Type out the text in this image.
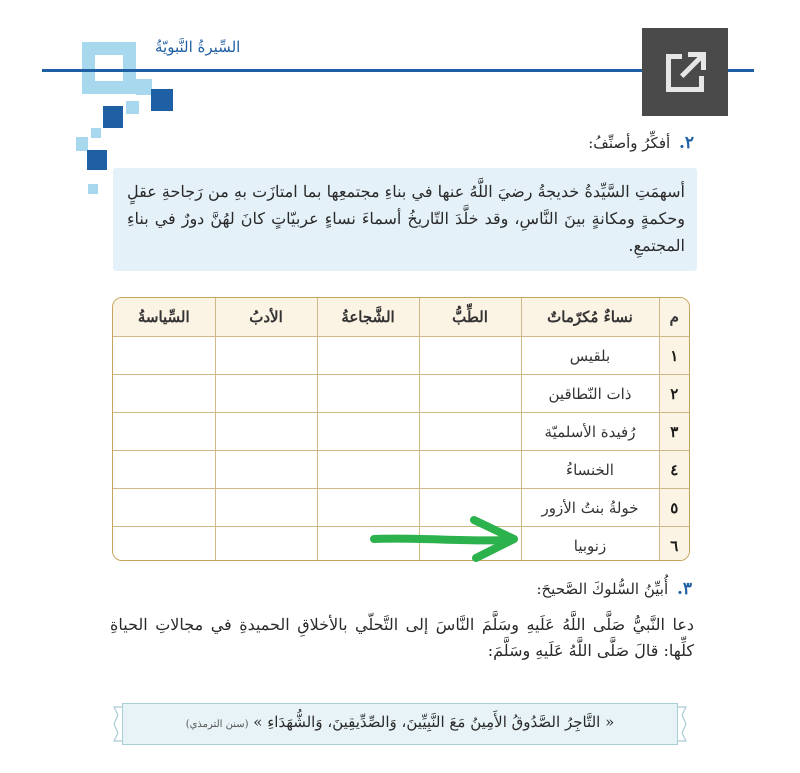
السِّيرةُ النَّبويّةُ
٢. أفكِّرُ وأصنِّفُ:
أسهمَتِ السَّيِّدةُ خديجةُ رضيَ اللَّهُ عنها في بناءِ مجتمعِها بما امتازَت بهِ من رَجاحةِ عقلٍ وحكمةٍ ومكانةٍ بينَ النَّاسِ، وقد خلَّدَ التّاريخُ أسماءَ نساءٍ عربيّاتٍ كانَ لهُنَّ دورٌ في بناءِ المجتمعِ.
م	نساءٌ مُكرّماتٌ	الطِّبُّ	الشَّجاعةُ	الأدبُ	السِّياسةُ
١	بلقيس				
٢	ذات النّطاقين				
٣	رُفيدة الأسلميّة				
٤	الخنساءُ				
٥	خولةُ بنتُ الأزور				
٦	زنوبيا				
٣. أُبيِّنُ السُّلوكَ الصَّحيحَ:
دعا النَّبيُّ صَلَّى اللَّهُ عَلَيهِ وسَلَّمَ النَّاسَ إلى التَّحلّي بالأخلاقِ الحميدةِ في مجالاتِ الحياةِ كلِّها: قالَ صَلَّى اللَّهُ عَلَيهِ وسَلَّمَ:
« التَّاجِرُ الصَّدُوقُ الأَمِينُ مَعَ النَّبِيِّينَ، وَالصِّدِّيقِينَ، وَالشُّهَدَاءِ » (سنن الترمذي)
